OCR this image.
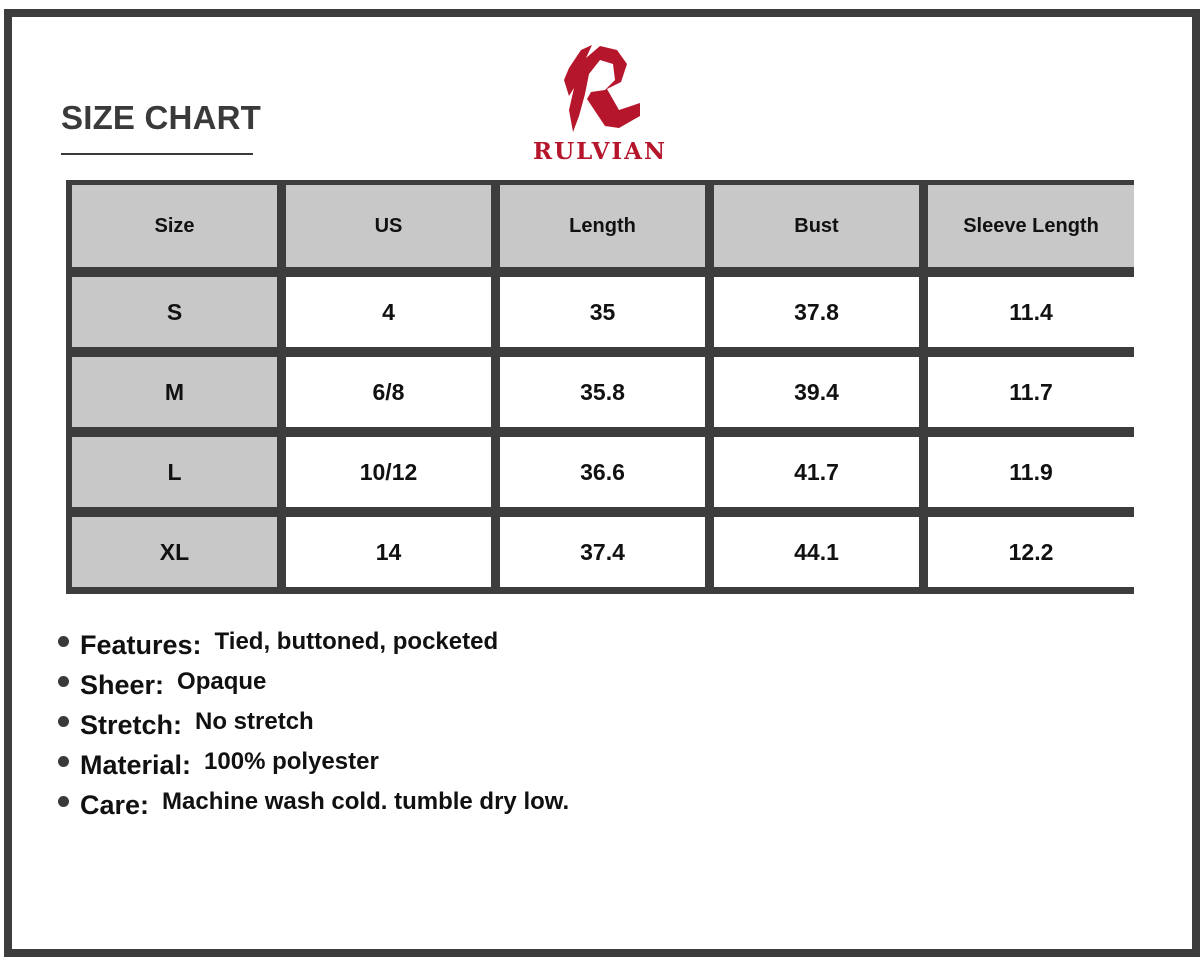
SIZE CHART
RULVIAN
Size	US	Length	Bust	Sleeve Length
S	4	35	37.8	11.4
M	6/8	35.8	39.4	11.7
L	10/12	36.6	41.7	11.9
XL	14	37.4	44.1	12.2
Features: Tied, buttoned, pocketed
Sheer: Opaque
Stretch: No stretch
Material: 100% polyester
Care: Machine wash cold. tumble dry low.
